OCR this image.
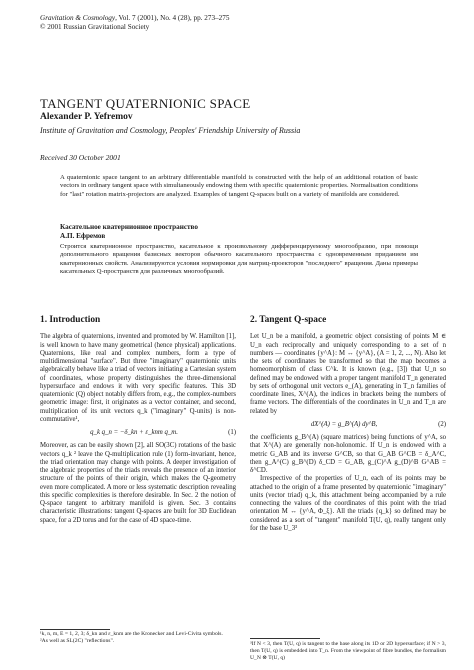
Gravitation & Cosmology, Vol. 7 (2001), No. 4 (28), pp. 273–275
© 2001 Russian Gravitational Society
TANGENT QUATERNIONIC SPACE
Alexander P. Yefremov
Institute of Gravitation and Cosmology, Peoples' Friendship University of Russia
Received 30 October 2001
A quaternionic space tangent to an arbitrary differentiable manifold is constructed with the help of an additional rotation of basic vectors in ordinary tangent space with simultaneously endowing them with specific quaternionic properties. Normalisation conditions for "last" rotation matrix-projectors are analyzed. Examples of tangent Q-spaces built on a variety of manifolds are considered.
Касательное кватернионное пространство
А.П. Ефремов
Строится кватернионное пространство, касательное к произвольному дифференцируемому многообразию, при помощи дополнительного вращения базисных векторов обычного касательного пространства с одновременным приданием им кватернионных свойств. Анализируются условия нормировки для матриц-проекторов "последнего" вращения. Даны примеры касательных Q-пространств для различных многообразий.
1. Introduction

The algebra of quaternions, invented and promoted by W. Hamilton [1], is well known to have many geometrical (hence physical) applications. Quaternions, like real and complex numbers, form a type of multidimensional "surface". But three "imaginary" quaternionic units algebraically behave like a triad of vectors initiating a Cartesian system of coordinates, whose property distinguishes the three-dimensional hypersurface and endows it with very specific features. This 3D quaternionic (Q) object notably differs from, e.g., the complex-numbers geometric image: first, it originates as a vector container, and second, multiplication of its unit vectors q_k ("imaginary" Q-units) is non-commutative¹,

q_k q_n = −δ_kn + ε_knm q_m.	(1)

Moreover, as can be easily shown [2], all SO(3C) rotations of the basic vectors q_k ² leave the Q-multiplication rule (1) form-invariant, hence, the triad orientation may change with points. A deeper investigation of the algebraic properties of the triads reveals the presence of an interior structure of the points of their origin, which makes the Q-geometry even more complicated. A more or less systematic description revealing this specific complexities is therefore desirable. In Sec. 2 the notion of Q-space tangent to arbitrary manifold is given. Sec. 3 contains characteristic illustrations: tangent Q-spaces are built for 3D Euclidean space, for a 2D torus and for the case of 4D space-time.

¹k, n, m, E = 1, 2, 3; δ_kn and ε_knm are the Kronecker and Levi-Civita symbols.
²As well as SL(2C) "reflections".
2. Tangent Q-space

Let U_n be a manifold, a geometric object consisting of points M ∈ U_n each reciprocally and uniquely corresponding to a set of n numbers — coordinates {y^A}: M ↔ {y^A}, (A = 1, 2, ..., N). Also let the sets of coordinates be transformed so that the map becomes a homeomorphism of class C^k. It is known (e.g., [3]) that U_n so defined may be endowed with a proper tangent manifold T_n generated by sets of orthogonal unit vectors e_(A), generating in T_n families of coordinate lines, X^(A), the indices in brackets being the numbers of frame vectors. The differentials of the coordinates in U_n and T_n are related by

dX^(A) = g_B^(A) dy^B,	(2)

the coefficients g_B^(A) (square matrices) being functions of y^A, so that X^(A) are generally non-holonomic. If U_n is endowed with a metric G_AB and its inverse G^CB, so that G_AB G^CB = δ_A^C, then g_A^(C) g_B^(D) δ_CD = G_AB, g_(C)^A g_(D)^B G^AB = δ^CD.

Irrespective of the properties of U_n, each of its points may be attached to the origin of a frame presented by quaternionic "imaginary" units (vector triad) q_k, this attachment being accompanied by a rule connecting the values of the coordinates of this point with the triad orientation M ↔ {y^A, Φ_ξ}. All the triads {q_k} so defined may be considered as a sort of "tangent" manifold T(U, q), really tangent only for the base U_3³

³If N < 3, then T(U, q) is tangent to the base along its 1D or 2D hypersurface; if N > 3, then T(U, q) is embedded into T_n. From the viewpoint of fibre bundles, the formalism U_N ⊗ T(U, q)
